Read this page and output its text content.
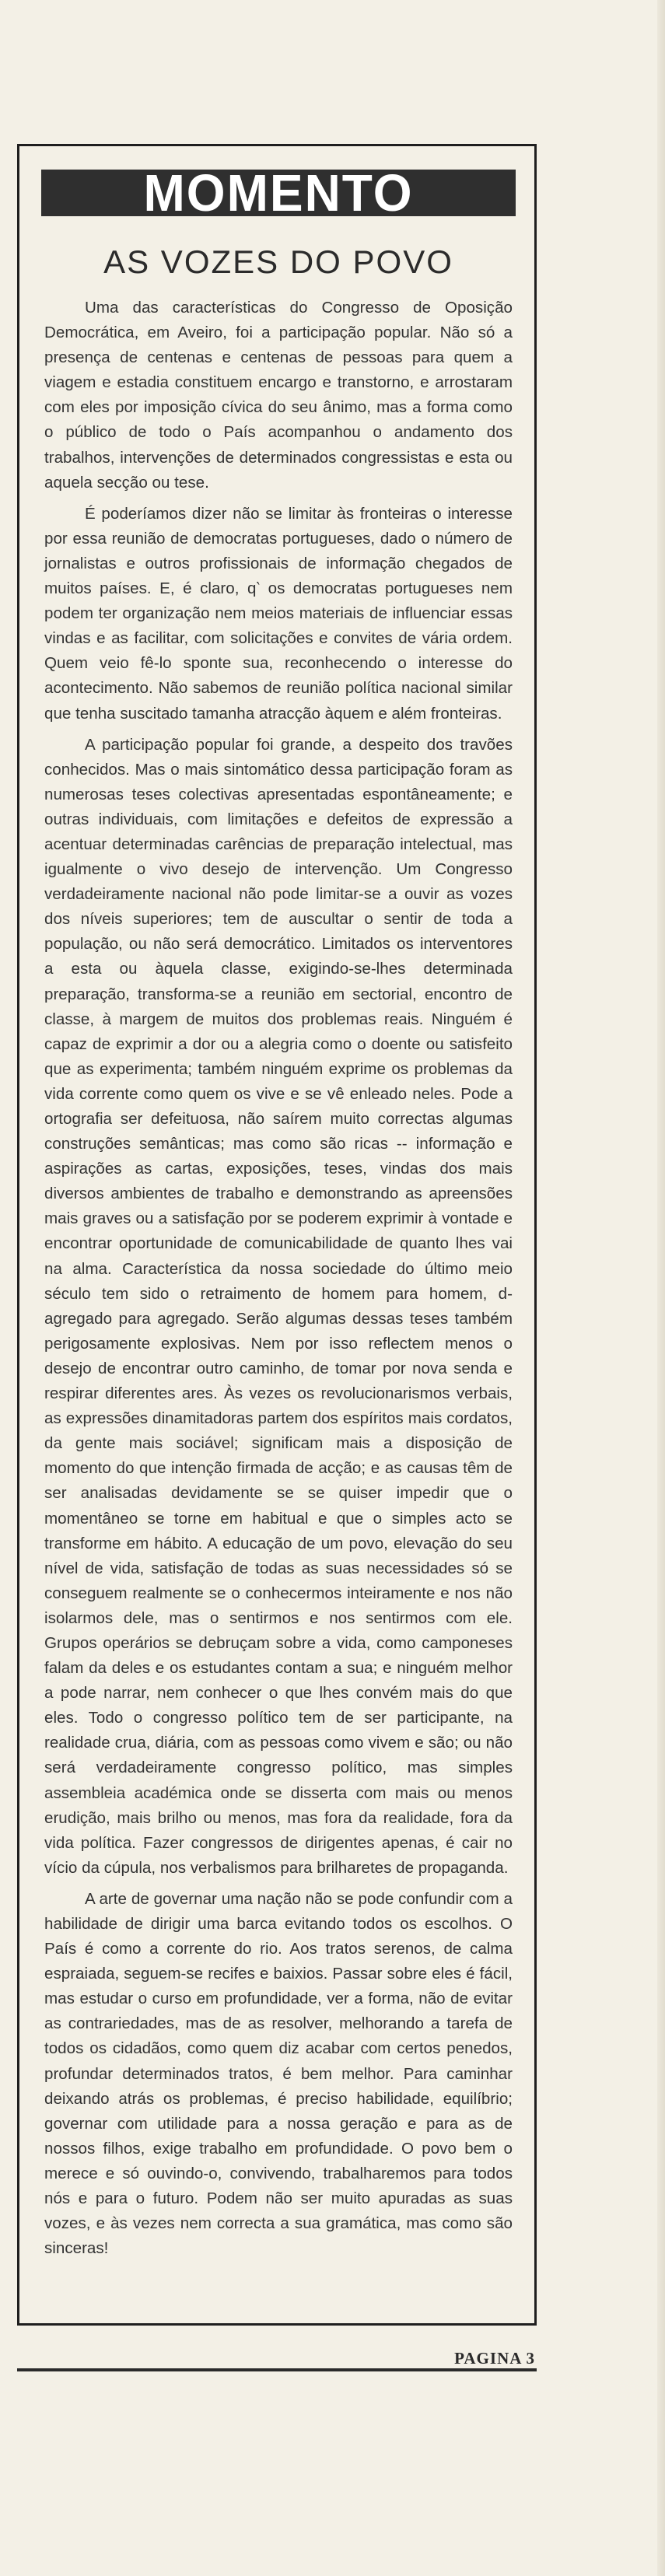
MOMENTO
AS VOZES DO POVO

Uma das características do Congresso de Oposição Democrática, em Aveiro, foi a participação popular. Não só a presença de centenas e centenas de pessoas para quem a viagem e estadia constituem encargo e transtorno, e arrostaram com eles por imposição cívica do seu ânimo, mas a forma como o público de todo o País acompanhou o andamento dos trabalhos, intervenções de determinados congressistas e esta ou aquela secção ou tese.

É poderíamos dizer não se limitar às fronteiras o interesse por essa reunião de democratas portugueses, dado o número de jornalistas e outros profissionais de informação chegados de muitos países. E, é claro, q‵ os democratas portugueses nem podem ter organização nem meios materiais de influenciar essas vindas e as facilitar, com solicitações e convites de vária ordem. Quem veio fê-lo sponte sua, reconhecendo o interesse do acontecimento. Não sabemos de reunião política nacional similar que tenha suscitado tamanha atracção àquem e além fronteiras.

A participação popular foi grande, a despeito dos travões conhecidos. Mas o mais sintomático dessa participação foram as numerosas teses colectivas apresentadas espontâneamente; e outras individuais, com limitações e defeitos de expressão a acentuar determinadas carências de preparação intelectual, mas igualmente o vivo desejo de intervenção. Um Congresso verdadeiramente nacional não pode limitar-se a ouvir as vozes dos níveis superiores; tem de auscultar o sentir de toda a população, ou não será democrático. Limitados os interventores a esta ou àquela classe, exigindo-se-lhes determinada preparação, transforma-se a reunião em sectorial, encontro de classe, à margem de muitos dos problemas reais. Ninguém é capaz de exprimir a dor ou a alegria como o doente ou satisfeito que as experimenta; também ninguém exprime os problemas da vida corrente como quem os vive e se vê enleado neles. Pode a ortografia ser defeituosa, não saírem muito correctas algumas construções semânticas; mas como são ricas ‑‑ informação e aspirações as cartas, exposições, teses, vindas dos mais diversos ambientes de trabalho e demonstrando as apreensões mais graves ou a satisfação por se poderem exprimir à vontade e encontrar oportunidade de comunicabilidade de quanto lhes vai na alma. Característica da nossa sociedade do último meio século tem sido o retraimento de homem para homem, d‑ agregado para agregado. Serão algumas dessas teses também perigosamente explosivas. Nem por isso reflectem menos o desejo de encontrar outro caminho, de tomar por nova senda e respirar diferentes ares. Às vezes os revolucionarismos verbais, as expressões dinamitadoras partem dos espíritos mais cordatos, da gente mais sociável; significam mais a disposição de momento do que intenção firmada de acção; e as causas têm de ser analisadas devidamente se se quiser impedir que o momentâneo se torne em habitual e que o simples acto se transforme em hábito. A educação de um povo, elevação do seu nível de vida, satisfação de todas as suas necessidades só se conseguem realmente se o conhecermos inteiramente e nos não isolarmos dele, mas o sentirmos e nos sentirmos com ele. Grupos operários se debruçam sobre a vida, como camponeses falam da deles e os estudantes contam a sua; e ninguém melhor a pode narrar, nem conhecer o que lhes convém mais do que eles. Todo o congresso político tem de ser participante, na realidade crua, diária, com as pessoas como vivem e são; ou não será verdadeiramente congresso político, mas simples assembleia académica onde se disserta com mais ou menos erudição, mais brilho ou menos, mas fora da realidade, fora da vida política. Fazer congressos de dirigentes apenas, é cair no vício da cúpula, nos verbalismos para brilharetes de propaganda.

A arte de governar uma nação não se pode confundir com a habilidade de dirigir uma barca evitando todos os escolhos. O País é como a corrente do rio. Aos tratos serenos, de calma espraiada, seguem-se recifes e baixios. Passar sobre eles é fácil, mas estudar o curso em profundidade, ver a forma, não de evitar as contrariedades, mas de as resolver, melhorando a tarefa de todos os cidadãos, como quem diz acabar com certos penedos, profundar determinados tratos, é bem melhor. Para caminhar deixando atrás os problemas, é preciso habilidade, equilíbrio; governar com utilidade para a nossa geração e para as de nossos filhos, exige trabalho em profundidade. O povo bem o merece e só ouvindo-o, convivendo, trabalharemos para todos nós e para o futuro. Podem não ser muito apuradas as suas vozes, e às vezes nem correcta a sua gramática, mas como são sinceras!

PAGINA 3
